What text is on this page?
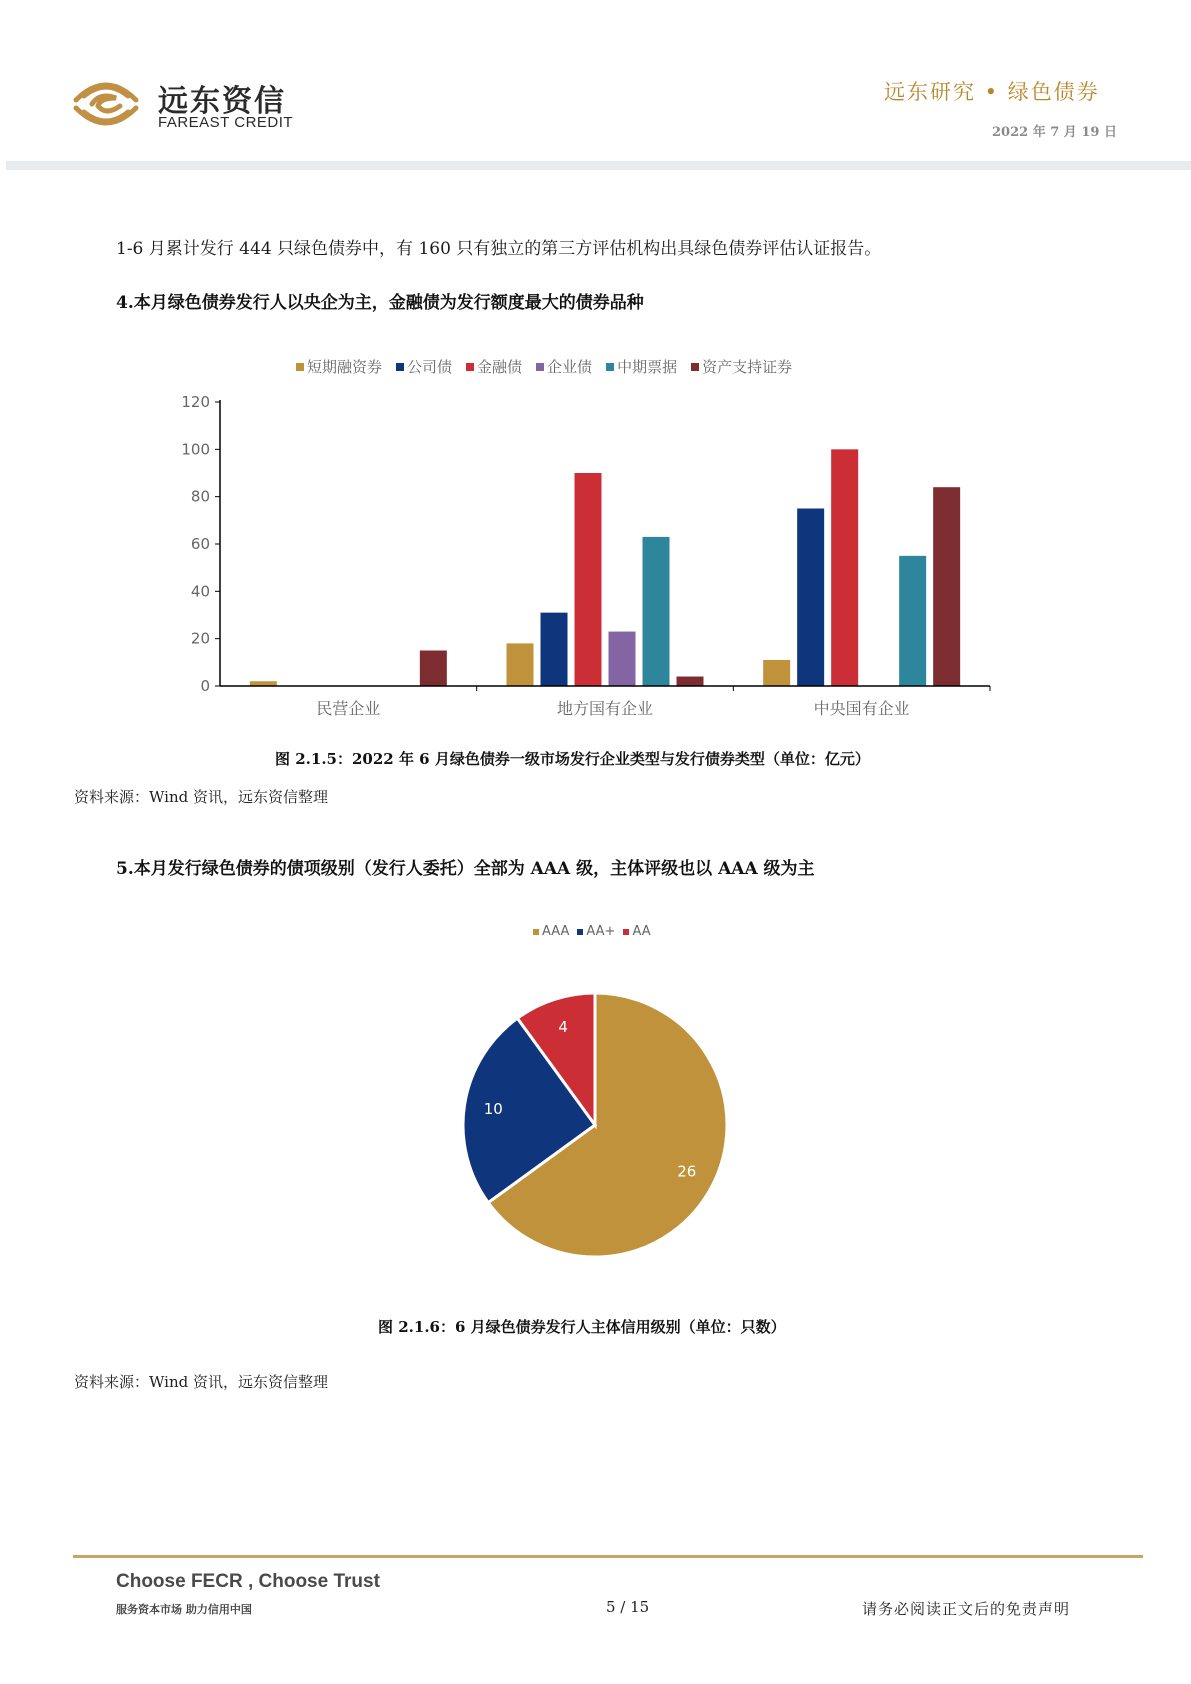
远东资信
FAREAST CREDIT
远东研究 • 绿色债券
2022 年 7 月 19 日
1-6 月累计发行 444 只绿色债券中，有 160 只有独立的第三方评估机构出具绿色债券评估认证报告。
4.本月绿色债券发行人以央企为主，金融债为发行额度最大的债券品种
短期融资券 公司债 金融债 企业债 中期票据 资产支持证券
0
20
40
60
80
100
120
民营企业	地方国有企业	中央国有企业
图 2.1.5：2022 年 6 月绿色债券一级市场发行企业类型与发行债券类型（单位：亿元）
资料来源：Wind 资讯，远东资信整理
5.本月发行绿色债券的债项级别（发行人委托）全部为 AAA 级，主体评级也以 AAA 级为主
AAA AA+ AA
26
10
4
图 2.1.6：6 月绿色债券发行人主体信用级别（单位：只数）
资料来源：Wind 资讯，远东资信整理
Choose FECR , Choose Trust
服务资本市场 助力信用中国	5 / 15	请务必阅读正文后的免责声明
